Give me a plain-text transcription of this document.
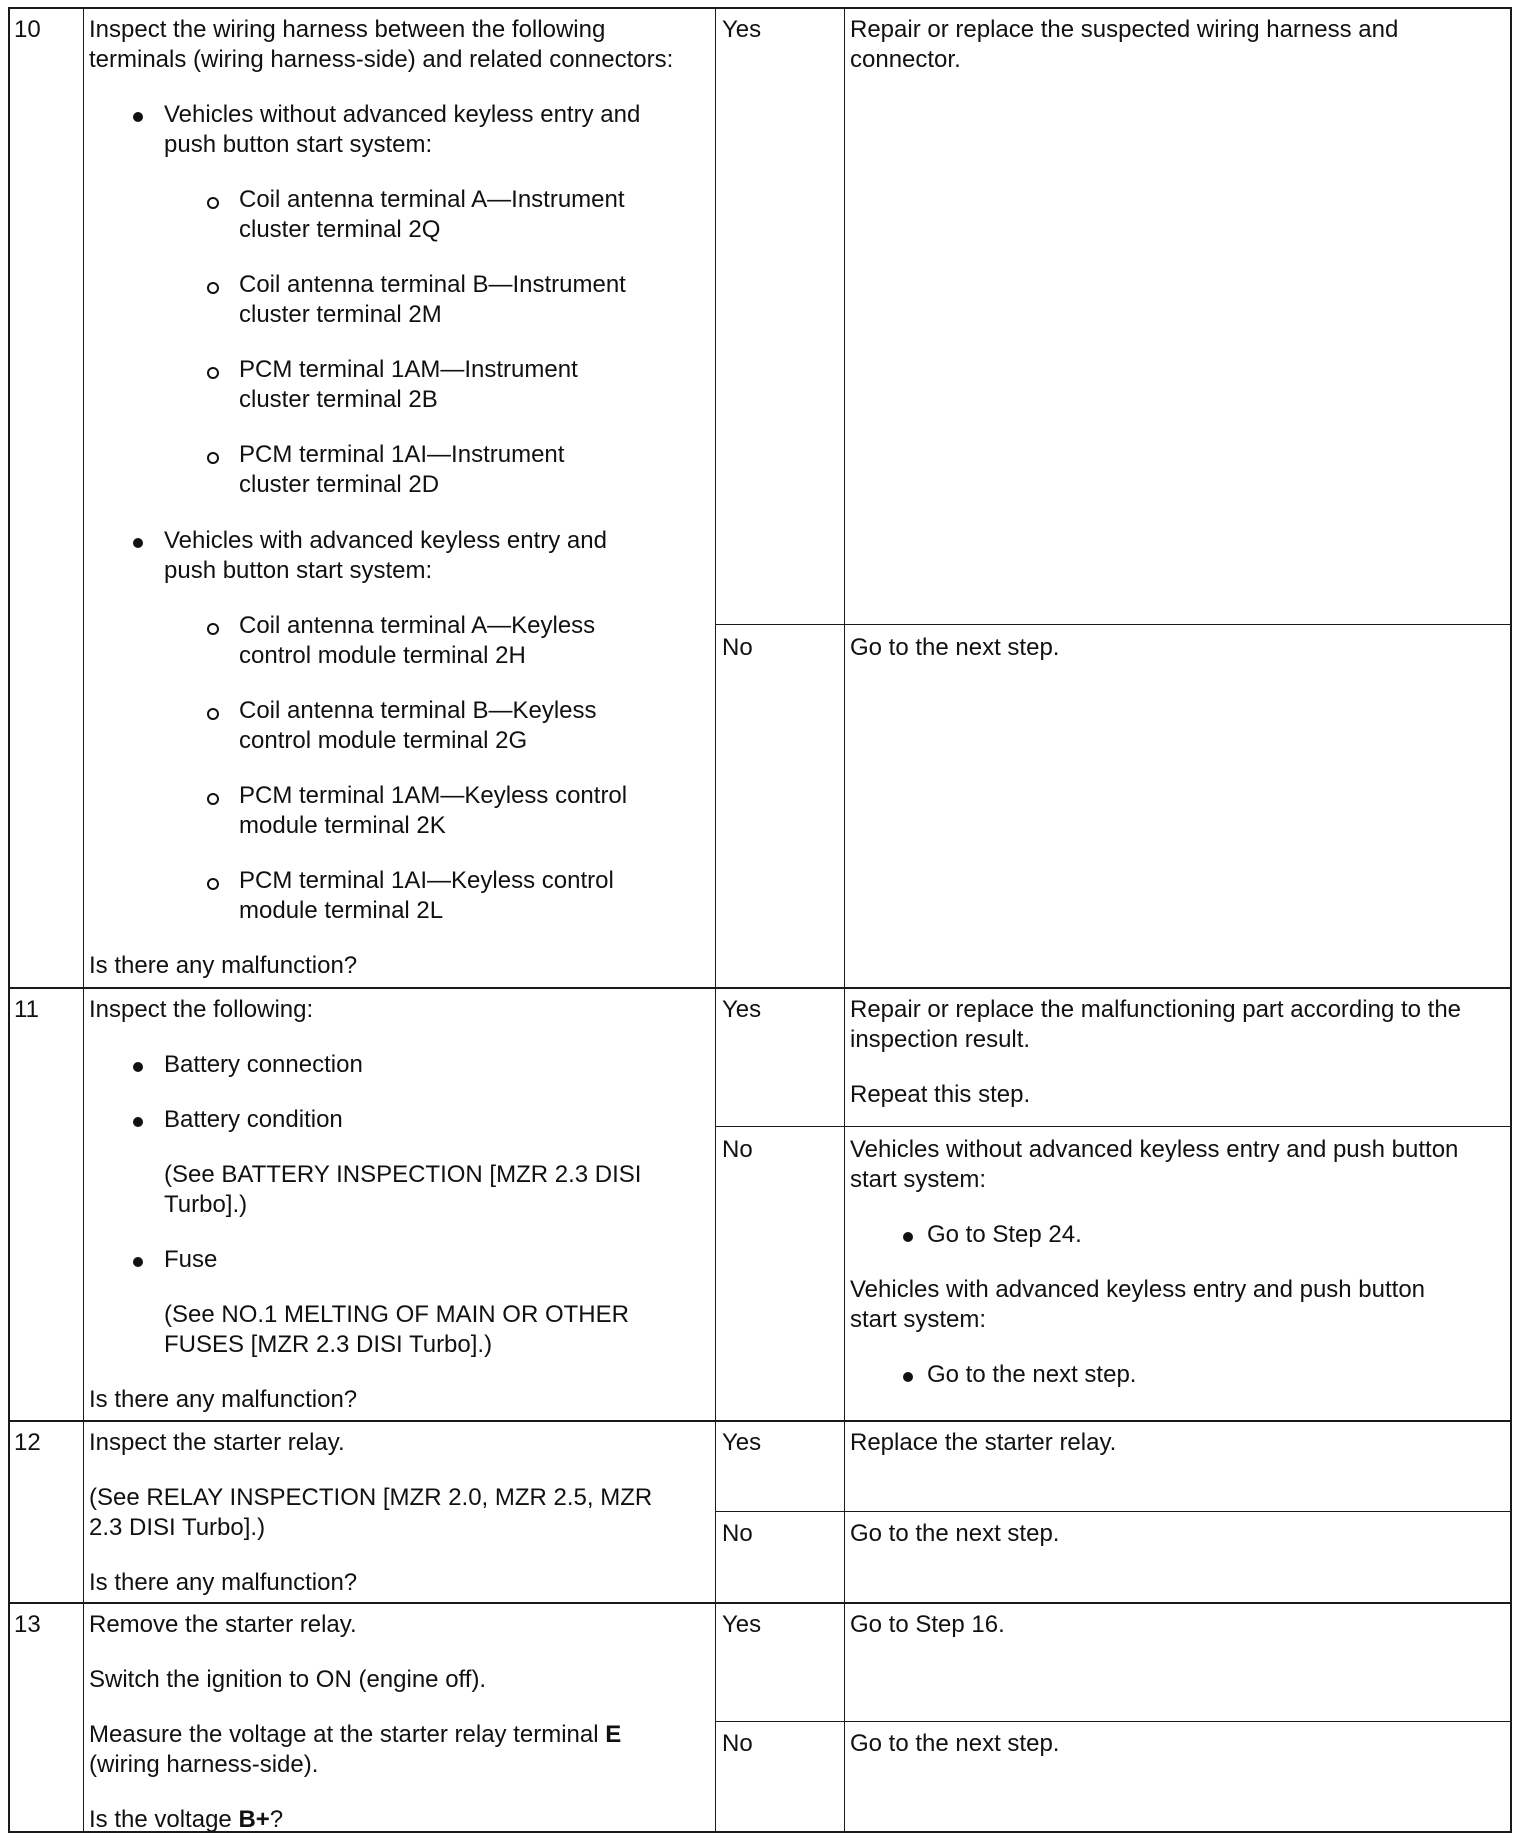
10 Inspect the wiring harness between the following

terminals (wiring harness-side) and related connectors:

Vehicles without advanced keyless entry and

push button start system:

Coil antenna terminal A—Instrument

cluster terminal 2Q

Coil antenna terminal B—Instrument

cluster terminal 2M

PCM terminal 1AM—Instrument

cluster terminal 2B

PCM terminal 1AI—Instrument

cluster terminal 2D

Vehicles with advanced keyless entry and

push button start system:

Coil antenna terminal A—Keyless

control module terminal 2H

Coil antenna terminal B—Keyless

control module terminal 2G

PCM terminal 1AM—Keyless control

module terminal 2K

PCM terminal 1AI—Keyless control

module terminal 2L

Is there any malfunction?

Yes	Repair or replace the suspected wiring harness and

connector.

No	Go to the next step.

11 Inspect the following:

Battery connection

Battery condition

(See BATTERY INSPECTION [MZR 2.3 DISI

Turbo].)

Fuse

(See NO.1 MELTING OF MAIN OR OTHER

FUSES [MZR 2.3 DISI Turbo].)

Is there any malfunction?

Yes	Repair or replace the malfunctioning part according to the

inspection result.

Repeat this step.

No	Vehicles without advanced keyless entry and push button

start system:

Go to Step 24.

Vehicles with advanced keyless entry and push button

start system:

Go to the next step.

12 Inspect the starter relay.

(See RELAY INSPECTION [MZR 2.0, MZR 2.5, MZR

2.3 DISI Turbo].)

Is there any malfunction?

Yes	Replace the starter relay.

No	Go to the next step.

13 Remove the starter relay.

Switch the ignition to ON (engine off).

Measure the voltage at the starter relay terminal E

(wiring harness-side).

Is the voltage B+?

Yes	Go to Step 16.

No	Go to the next step.
